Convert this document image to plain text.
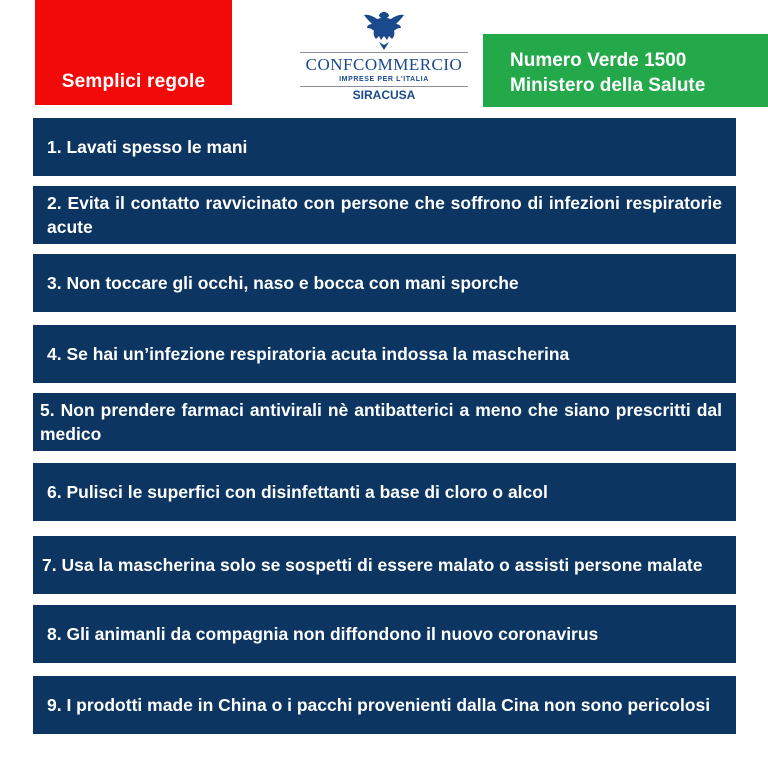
Semplici regole
CONFCOMMERCIO
IMPRESE PER L'ITALIA
SIRACUSA
Numero Verde 1500
Ministero della Salute
1. Lavati spesso le mani
2. Evita il contatto ravvicinato con persone che soffrono di infezioni respiratorie acute
3. Non toccare gli occhi, naso e bocca con mani sporche
4. Se hai un’infezione respiratoria acuta indossa la mascherina
5. Non prendere farmaci antivirali nè antibatterici a meno che siano prescritti dal medico
6. Pulisci le superfici con disinfettanti a base di cloro o alcol
7. Usa la mascherina solo se sospetti di essere malato o assisti persone malate
8. Gli animanli da compagnia non diffondono il nuovo coronavirus
9. I prodotti made in China o i pacchi provenienti dalla Cina non sono pericolosi
